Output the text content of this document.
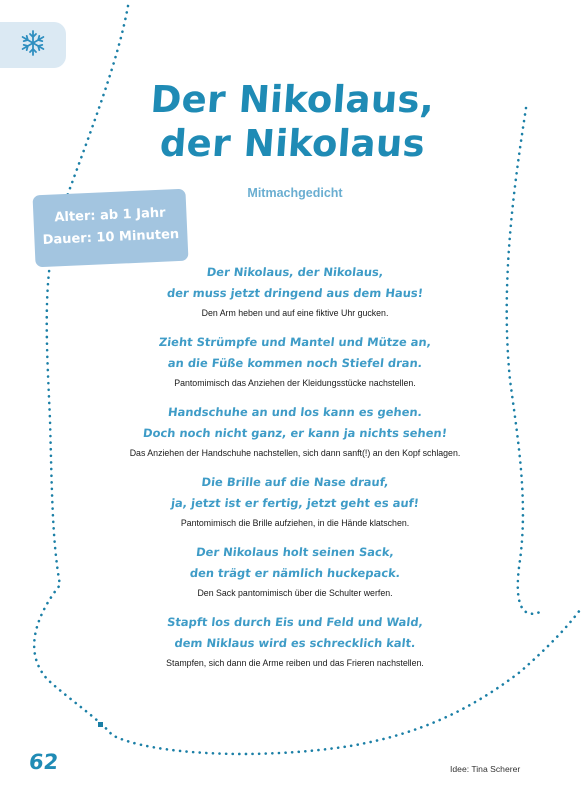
Der Nikolaus,
der Nikolaus
Mitmachgedicht
Alter: ab 1 Jahr
Dauer: 10 Minuten
Der Nikolaus, der Nikolaus,
der muss jetzt dringend aus dem Haus!
Den Arm heben und auf eine fiktive Uhr gucken.
Zieht Strümpfe und Mantel und Mütze an,
an die Füße kommen noch Stiefel dran.
Pantomimisch das Anziehen der Kleidungsstücke nachstellen.
Handschuhe an und los kann es gehen.
Doch noch nicht ganz, er kann ja nichts sehen!
Das Anziehen der Handschuhe nachstellen, sich dann sanft(!) an den Kopf schlagen.
Die Brille auf die Nase drauf,
ja, jetzt ist er fertig, jetzt geht es auf!
Pantomimisch die Brille aufziehen, in die Hände klatschen.
Der Nikolaus holt seinen Sack,
den trägt er nämlich huckepack.
Den Sack pantomimisch über die Schulter werfen.
Stapft los durch Eis und Feld und Wald,
dem Niklaus wird es schrecklich kalt.
Stampfen, sich dann die Arme reiben und das Frieren nachstellen.
62	Idee: Tina Scherer
